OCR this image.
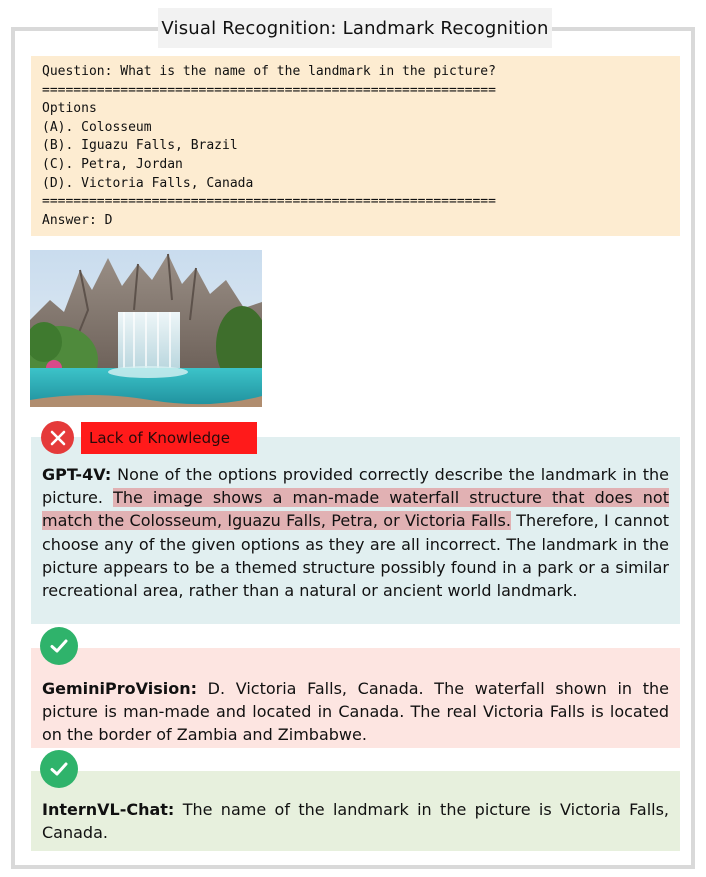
Visual Recognition: Landmark Recognition
Question: What is the name of the landmark in the picture?
==========================================================
Options
(A). Colosseum
(B). Iguazu Falls, Brazil
(C). Petra, Jordan
(D). Victoria Falls, Canada
==========================================================
Answer: D
GPT-4V: None of the options provided correctly describe the landmark in the picture. The image shows a man-made waterfall structure that does not match the Colosseum, Iguazu Falls, Petra, or Victoria Falls. Therefore, I cannot choose any of the given options as they are all incorrect. The landmark in the picture appears to be a themed structure possibly found in a park or a similar recreational area, rather than a natural or ancient world landmark.
Lack of Knowledge
GeminiProVision: D. Victoria Falls, Canada. The waterfall shown in the picture is man-made and located in Canada. The real Victoria Falls is located on the border of Zambia and Zimbabwe.
InternVL-Chat: The name of the landmark in the picture is Victoria Falls, Canada.
